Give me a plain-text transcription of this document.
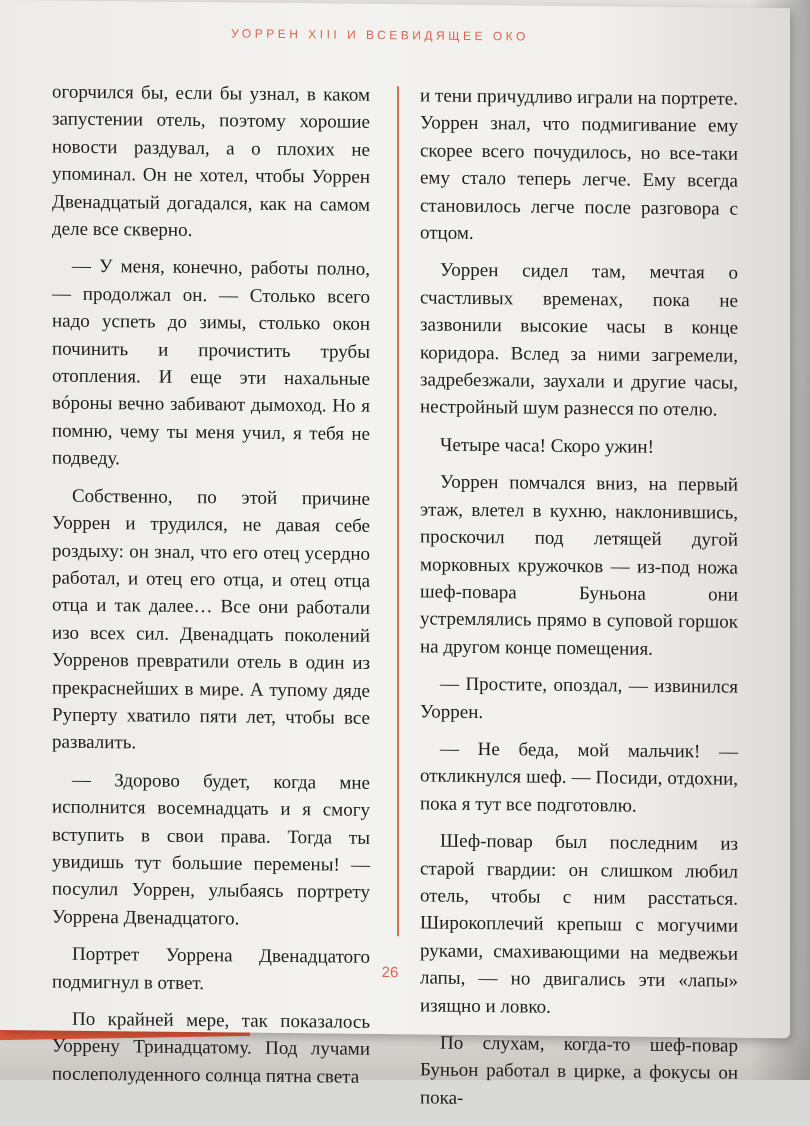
УОРРЕН XIII И ВСЕВИДЯЩЕЕ ОКО

огорчился бы, если бы узнал, в каком запустении отель, поэтому хорошие новости раздувал, а о плохих не упоминал. Он не хотел, чтобы Уоррен Двенадцатый догадался, как на самом деле все скверно.

— У меня, конечно, работы полно, — продолжал он. — Столько всего надо успеть до зимы, столько окон починить и прочистить трубы отопления. И еще эти нахальные вóроны вечно забивают дымоход. Но я помню, чему ты меня учил, я тебя не подведу.

Собственно, по этой причине Уоррен и трудился, не давая себе роздыху: он знал, что его отец усердно работал, и отец его отца, и отец отца отца и так далее… Все они работали изо всех сил. Двенадцать поколений Уорренов превратили отель в один из прекраснейших в мире. А тупому дяде Руперту хватило пяти лет, чтобы все развалить.

— Здорово будет, когда мне исполнится восемнадцать и я смогу вступить в свои права. Тогда ты увидишь тут большие перемены! — посулил Уоррен, улыбаясь портрету Уоррена Двенадцатого.

Портрет Уоррена Двенадцатого подмигнул в ответ.

По крайней мере, так показалось Уоррену Тринадцатому. Под лучами послеполуденного солнца пятна света

и тени причудливо играли на портрете. Уоррен знал, что подмигивание ему скорее всего почудилось, но все-таки ему стало теперь легче. Ему всегда становилось легче после разговора с отцом.

Уоррен сидел там, мечтая о счастливых временах, пока не зазвонили высокие часы в конце коридора. Вслед за ними загремели, задребезжали, заухали и другие часы, нестройный шум разнесся по отелю.

Четыре часа! Скоро ужин!

Уоррен помчался вниз, на первый этаж, влетел в кухню, наклонившись, проскочил под летящей дугой морковных кружочков — из-под ножа шеф-повара Буньона они устремлялись прямо в суповой горшок на другом конце помещения.

— Простите, опоздал, — извинился Уоррен.

— Не беда, мой мальчик! — откликнулся шеф. — Посиди, отдохни, пока я тут все подготовлю.

Шеф-повар был последним из старой гвардии: он слишком любил отель, чтобы с ним расстаться. Широкоплечий крепыш с могучими руками, смахивающими на медвежьи лапы, — но двигались эти «лапы» изящно и ловко.

По слухам, когда-то шеф-повар Буньон работал в цирке, а фокусы он пока-

26
